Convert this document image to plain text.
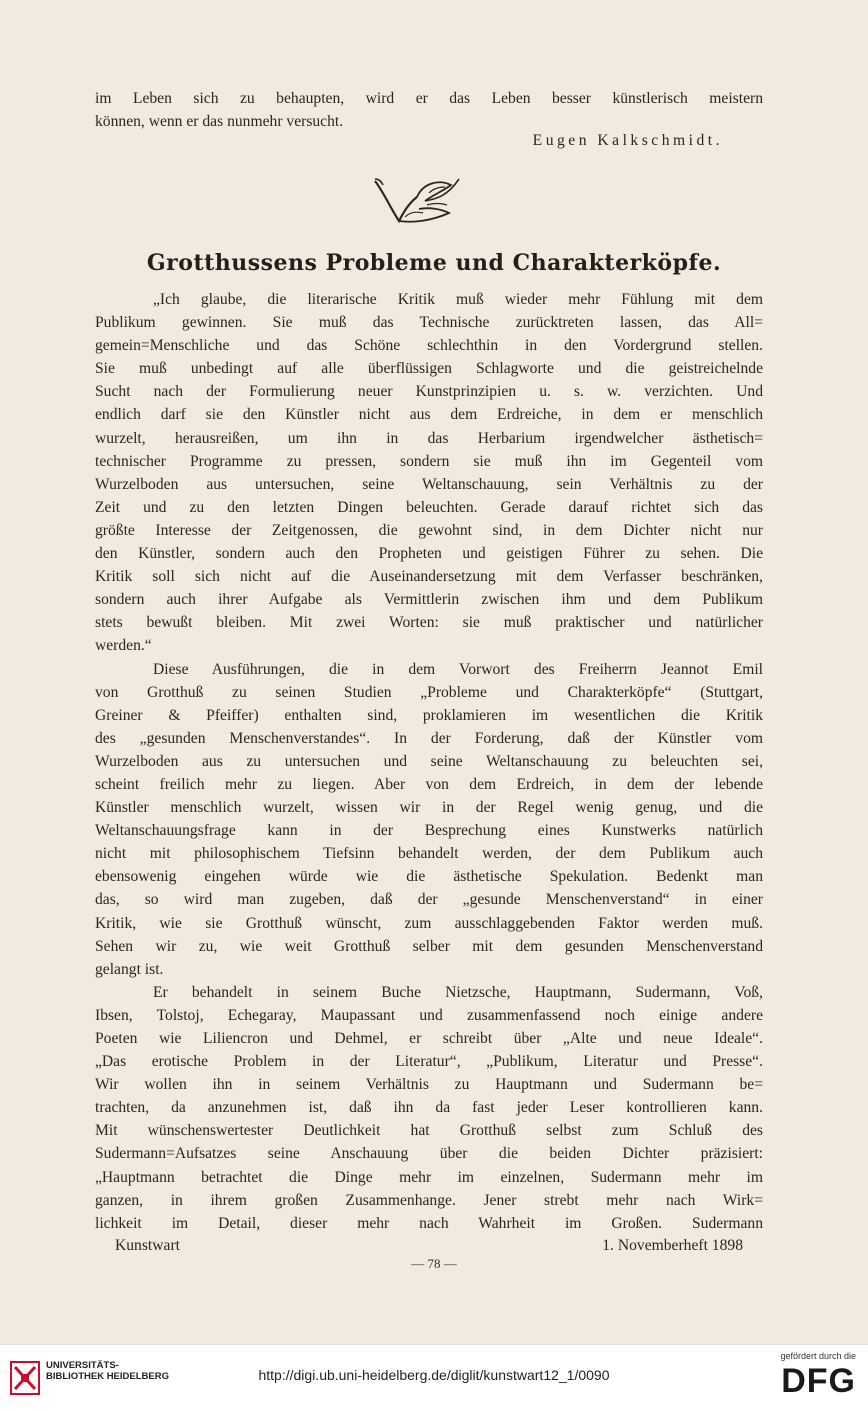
im Leben sich zu behaupten, wird er das Leben besser künstlerisch meistern
können, wenn er das nunmehr versucht.
Eugen Kalkschmidt.
Grotthussens Probleme und Charakterköpfe.
„Ich glaube, die literarische Kritik muß wieder mehr Fühlung mit dem
Publikum gewinnen. Sie muß das Technische zurücktreten lassen, das All=
gemein=Menschliche und das Schöne schlechthin in den Vordergrund stellen.
Sie muß unbedingt auf alle überflüssigen Schlagworte und die geistreichelnde
Sucht nach der Formulierung neuer Kunstprinzipien u. s. w. verzichten. Und
endlich darf sie den Künstler nicht aus dem Erdreiche, in dem er menschlich
wurzelt, herausreißen, um ihn in das Herbarium irgendwelcher ästhetisch=
technischer Programme zu pressen, sondern sie muß ihn im Gegenteil vom
Wurzelboden aus untersuchen, seine Weltanschauung, sein Verhältnis zu der
Zeit und zu den letzten Dingen beleuchten. Gerade darauf richtet sich das
größte Interesse der Zeitgenossen, die gewohnt sind, in dem Dichter nicht nur
den Künstler, sondern auch den Propheten und geistigen Führer zu sehen. Die
Kritik soll sich nicht auf die Auseinandersetzung mit dem Verfasser beschränken,
sondern auch ihrer Aufgabe als Vermittlerin zwischen ihm und dem Publikum
stets bewußt bleiben. Mit zwei Worten: sie muß praktischer und natürlicher
werden.“
Diese Ausführungen, die in dem Vorwort des Freiherrn Jeannot Emil
von Grotthuß zu seinen Studien „Probleme und Charakterköpfe“ (Stuttgart,
Greiner & Pfeiffer) enthalten sind, proklamieren im wesentlichen die Kritik
des „gesunden Menschenverstandes“. In der Forderung, daß der Künstler vom
Wurzelboden aus zu untersuchen und seine Weltanschauung zu beleuchten sei,
scheint freilich mehr zu liegen. Aber von dem Erdreich, in dem der lebende
Künstler menschlich wurzelt, wissen wir in der Regel wenig genug, und die
Weltanschauungsfrage kann in der Besprechung eines Kunstwerks natürlich
nicht mit philosophischem Tiefsinn behandelt werden, der dem Publikum auch
ebensowenig eingehen würde wie die ästhetische Spekulation. Bedenkt man
das, so wird man zugeben, daß der „gesunde Menschenverstand“ in einer
Kritik, wie sie Grotthuß wünscht, zum ausschlaggebenden Faktor werden muß.
Sehen wir zu, wie weit Grotthuß selber mit dem gesunden Menschenverstand
gelangt ist.
Er behandelt in seinem Buche Nietzsche, Hauptmann, Sudermann, Voß,
Ibsen, Tolstoj, Echegaray, Maupassant und zusammenfassend noch einige andere
Poeten wie Liliencron und Dehmel, er schreibt über „Alte und neue Ideale“.
„Das erotische Problem in der Literatur“, „Publikum, Literatur und Presse“.
Wir wollen ihn in seinem Verhältnis zu Hauptmann und Sudermann be=
trachten, da anzunehmen ist, daß ihn da fast jeder Leser kontrollieren kann.
Mit wünschenswertester Deutlichkeit hat Grotthuß selbst zum Schluß des
Sudermann=Aufsatzes seine Anschauung über die beiden Dichter präzisiert:
„Hauptmann betrachtet die Dinge mehr im einzelnen, Sudermann mehr im
ganzen, in ihrem großen Zusammenhange. Jener strebt mehr nach Wirk=
lichkeit im Detail, dieser mehr nach Wahrheit im Großen. Sudermann
Kunstwart	1. Novemberheft 1898
— 78 —
UNIVERSITÄTS-BIBLIOTHEK HEIDELBERG	http://digi.ub.uni-heidelberg.de/diglit/kunstwart12_1/0090
gefördert durch die
DFG
